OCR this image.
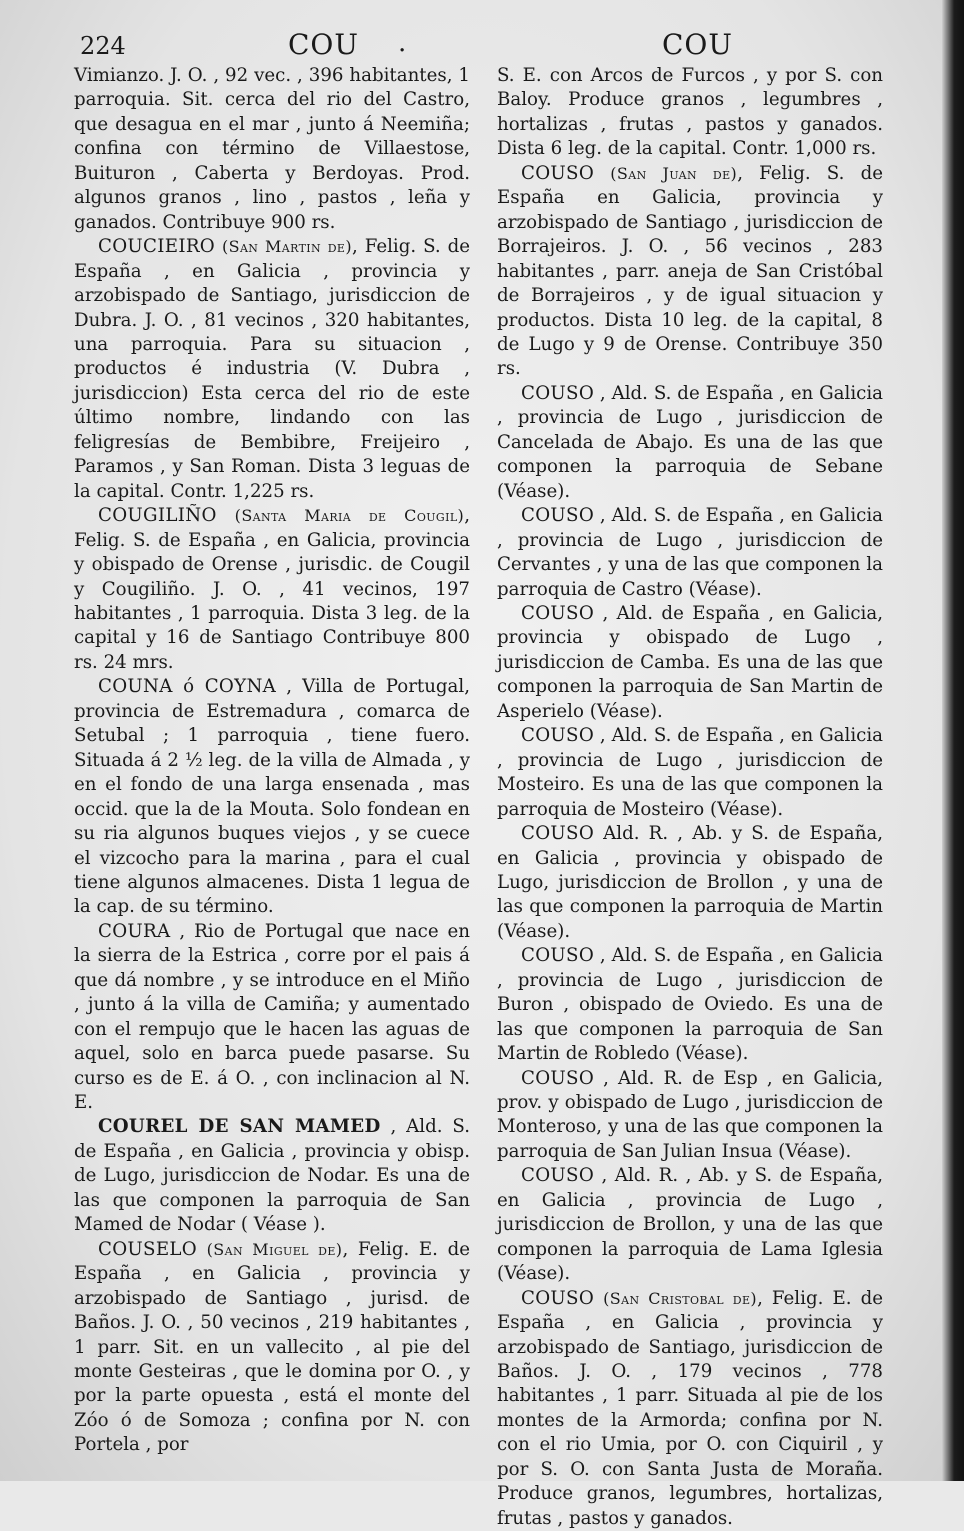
224	COU .	COU

Vimianzo. J. O. , 92 vec. , 396 habitantes, 1 parroquia. Sit. cerca del rio del Castro, que desagua en el mar , junto á Neemiña; confina con término de Villaestose, Buituron , Caberta y Berdoyas. Prod. algunos granos , lino , pastos , leña y ganados. Contribuye 900 rs.

COUCIEIRO (San Martin de), Felig. S. de España , en Galicia , provincia y arzobispado de Santiago, jurisdiccion de Dubra. J. O. , 81 vecinos , 320 habitantes, una parroquia. Para su situacion , productos é industria (V. Dubra , jurisdiccion) Esta cerca del rio de este último nombre, lindando con las feligresías de Bembibre, Freijeiro , Paramos , y San Roman. Dista 3 leguas de la capital. Contr. 1,225 rs.

COUGILIÑO (Santa Maria de Cougil), Felig. S. de España , en Galicia, provincia y obispado de Orense , jurisdic. de Cougil y Cougiliño. J. O. , 41 vecinos, 197 habitantes , 1 parroquia. Dista 3 leg. de la capital y 16 de Santiago Contribuye 800 rs. 24 mrs.

COUNA ó COYNA , Villa de Portugal, provincia de Estremadura , comarca de Setubal ; 1 parroquia , tiene fuero. Situada á 2 ½ leg. de la villa de Almada , y en el fondo de una larga ensenada , mas occid. que la de la Mouta. Solo fondean en su ria algunos buques viejos , y se cuece el vizcocho para la marina , para el cual tiene algunos almacenes. Dista 1 legua de la cap. de su término.

COURA , Rio de Portugal que nace en la sierra de la Estrica , corre por el pais á que dá nombre , y se introduce en el Miño , junto á la villa de Camiña; y aumentado con el rempujo que le hacen las aguas de aquel, solo en barca puede pasarse. Su curso es de E. á O. , con inclinacion al N. E.

COUREL DE SAN MAMED , Ald. S. de España , en Galicia , provincia y obisp. de Lugo, jurisdiccion de Nodar. Es una de las que componen la parroquia de San Mamed de Nodar ( Véase ).

COUSELO (San Miguel de), Felig. E. de España , en Galicia , provincia y arzobispado de Santiago , jurisd. de Baños. J. O. , 50 vecinos , 219 habitantes , 1 parr. Sit. en un vallecito , al pie del monte Gesteiras , que le domina por O. , y por la parte opuesta , está el monte del Zóo ó de Somoza ; confina por N. con Portela , por

S. E. con Arcos de Furcos , y por S. con Baloy. Produce granos , legumbres , hortalizas , frutas , pastos y ganados. Dista 6 leg. de la capital. Contr. 1,000 rs.

COUSO (San Juan de), Felig. S. de España en Galicia, provincia y arzobispado de Santiago , jurisdiccion de Borrajeiros. J. O. , 56 vecinos , 283 habitantes , parr. aneja de San Cristóbal de Borrajeiros , y de igual situacion y productos. Dista 10 leg. de la capital, 8 de Lugo y 9 de Orense. Contribuye 350 rs.

COUSO , Ald. S. de España , en Galicia , provincia de Lugo , jurisdiccion de Cancelada de Abajo. Es una de las que componen la parroquia de Sebane (Véase).

COUSO , Ald. S. de España , en Galicia , provincia de Lugo , jurisdiccion de Cervantes , y una de las que componen la parroquia de Castro (Véase).

COUSO , Ald. de España , en Galicia, provincia y obispado de Lugo , jurisdiccion de Camba. Es una de las que componen la parroquia de San Martin de Asperielo (Véase).

COUSO , Ald. S. de España , en Galicia , provincia de Lugo , jurisdiccion de Mosteiro. Es una de las que componen la parroquia de Mosteiro (Véase).

COUSO Ald. R. , Ab. y S. de España, en Galicia , provincia y obispado de Lugo, jurisdiccion de Brollon , y una de las que componen la parroquia de Martin (Véase).

COUSO , Ald. S. de España , en Galicia , provincia de Lugo , jurisdiccion de Buron , obispado de Oviedo. Es una de las que componen la parroquia de San Martin de Robledo (Véase).

COUSO , Ald. R. de Esp , en Galicia, prov. y obispado de Lugo , jurisdiccion de Monteroso, y una de las que componen la parroquia de San Julian Insua (Véase).

COUSO , Ald. R. , Ab. y S. de España, en Galicia , provincia de Lugo , jurisdiccion de Brollon, y una de las que componen la parroquia de Lama Iglesia (Véase).

COUSO (San Cristobal de), Felig. E. de España , en Galicia , provincia y arzobispado de Santiago, jurisdiccion de Baños. J. O. , 179 vecinos , 778 habitantes , 1 parr. Situada al pie de los montes de la Armorda; confina por N. con el rio Umia, por O. con Ciquiril , y por S. O. con Santa Justa de Moraña. Produce granos, legumbres, hortalizas, frutas , pastos y ganados.
